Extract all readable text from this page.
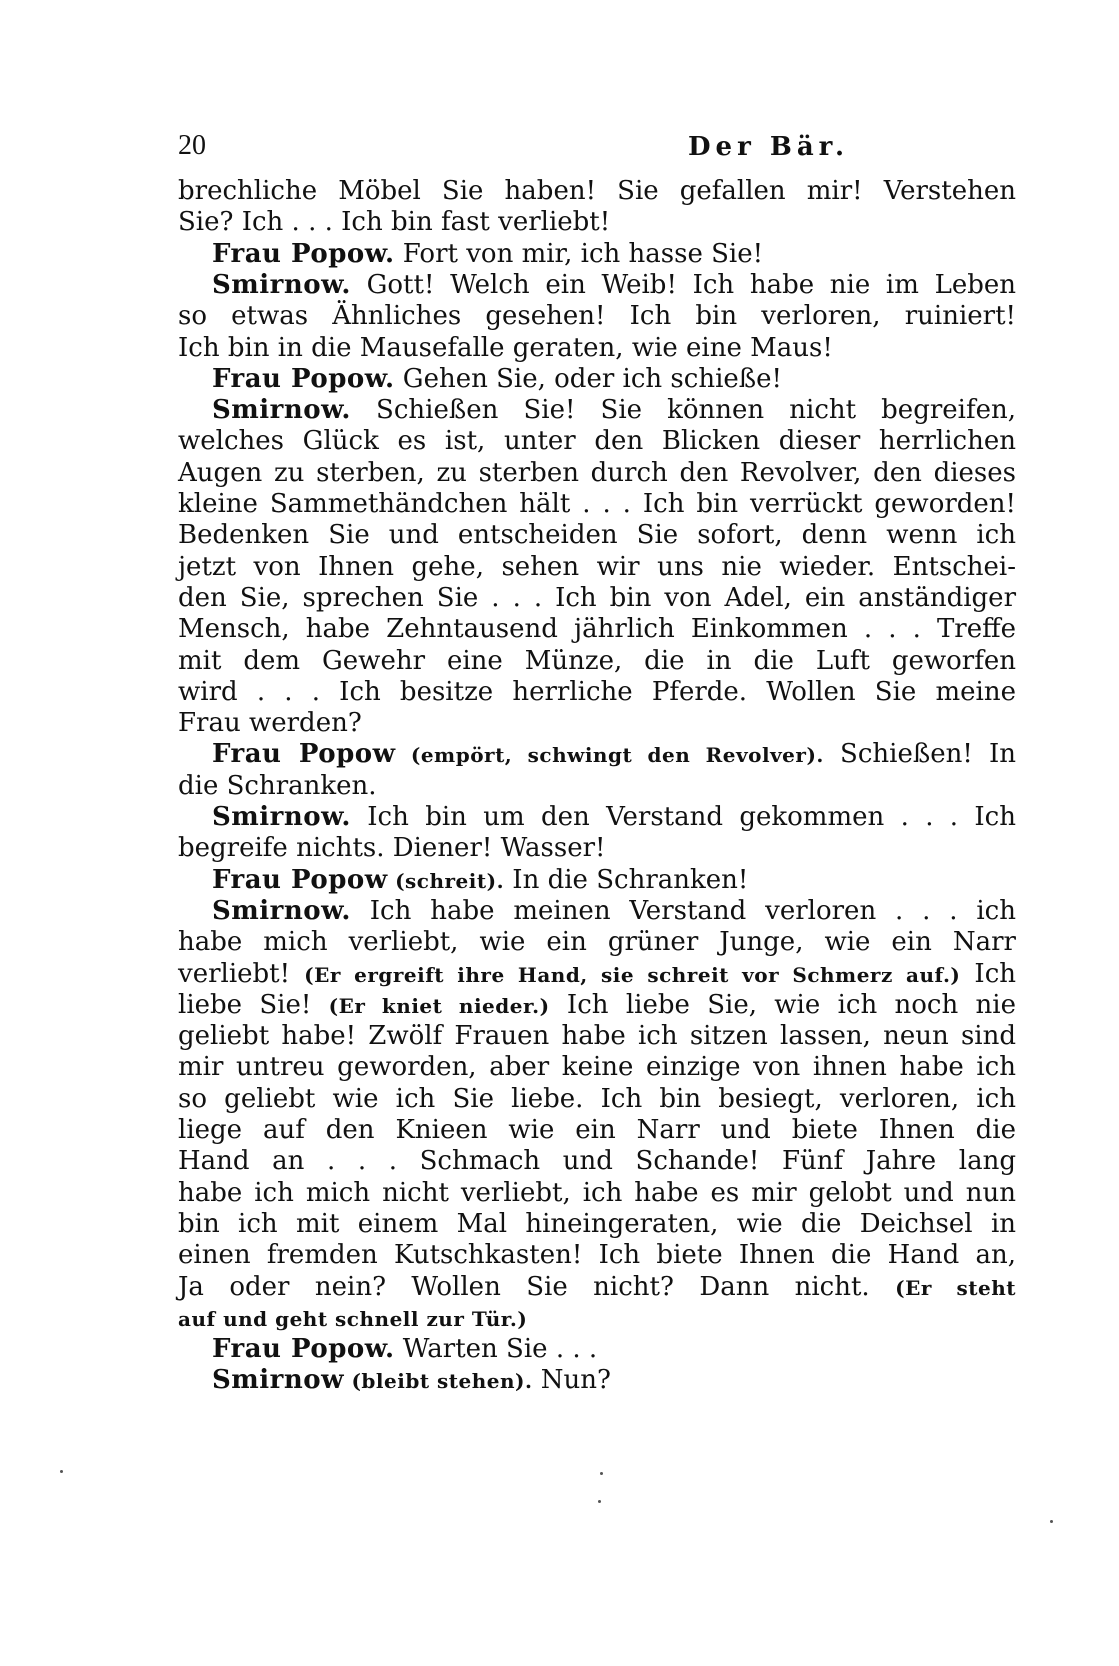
20	Der Bär.
brechliche Möbel Sie haben! Sie gefallen mir! Verstehen
Sie? Ich . . . Ich bin fast verliebt!
Frau Popow. Fort von mir, ich hasse Sie!
Smirnow. Gott! Welch ein Weib! Ich habe nie im Leben
so etwas Ähnliches gesehen! Ich bin verloren, ruiniert!
Ich bin in die Mausefalle geraten, wie eine Maus!
Frau Popow. Gehen Sie, oder ich schieße!
Smirnow. Schießen Sie! Sie können nicht begreifen,
welches Glück es ist, unter den Blicken dieser herrlichen
Augen zu sterben, zu sterben durch den Revolver, den dieses
kleine Sammethändchen hält . . . Ich bin verrückt geworden!
Bedenken Sie und entscheiden Sie sofort, denn wenn ich
jetzt von Ihnen gehe, sehen wir uns nie wieder. Entschei-
den Sie, sprechen Sie . . . Ich bin von Adel, ein anständiger
Mensch, habe Zehntausend jährlich Einkommen . . . Treffe
mit dem Gewehr eine Münze, die in die Luft geworfen
wird . . . Ich besitze herrliche Pferde. Wollen Sie meine
Frau werden?
Frau Popow (empört, schwingt den Revolver). Schießen! In
die Schranken.
Smirnow. Ich bin um den Verstand gekommen . . . Ich
begreife nichts. Diener! Wasser!
Frau Popow (schreit). In die Schranken!
Smirnow. Ich habe meinen Verstand verloren . . . ich
habe mich verliebt, wie ein grüner Junge, wie ein Narr
verliebt! (Er ergreift ihre Hand, sie schreit vor Schmerz auf.) Ich
liebe Sie! (Er kniet nieder.) Ich liebe Sie, wie ich noch nie
geliebt habe! Zwölf Frauen habe ich sitzen lassen, neun sind
mir untreu geworden, aber keine einzige von ihnen habe ich
so geliebt wie ich Sie liebe. Ich bin besiegt, verloren, ich
liege auf den Knieen wie ein Narr und biete Ihnen die
Hand an . . . Schmach und Schande! Fünf Jahre lang
habe ich mich nicht verliebt, ich habe es mir gelobt und nun
bin ich mit einem Mal hineingeraten, wie die Deichsel in
einen fremden Kutschkasten! Ich biete Ihnen die Hand an,
Ja oder nein? Wollen Sie nicht? Dann nicht. (Er steht
auf und geht schnell zur Tür.)
Frau Popow. Warten Sie . . .
Smirnow (bleibt stehen). Nun?
